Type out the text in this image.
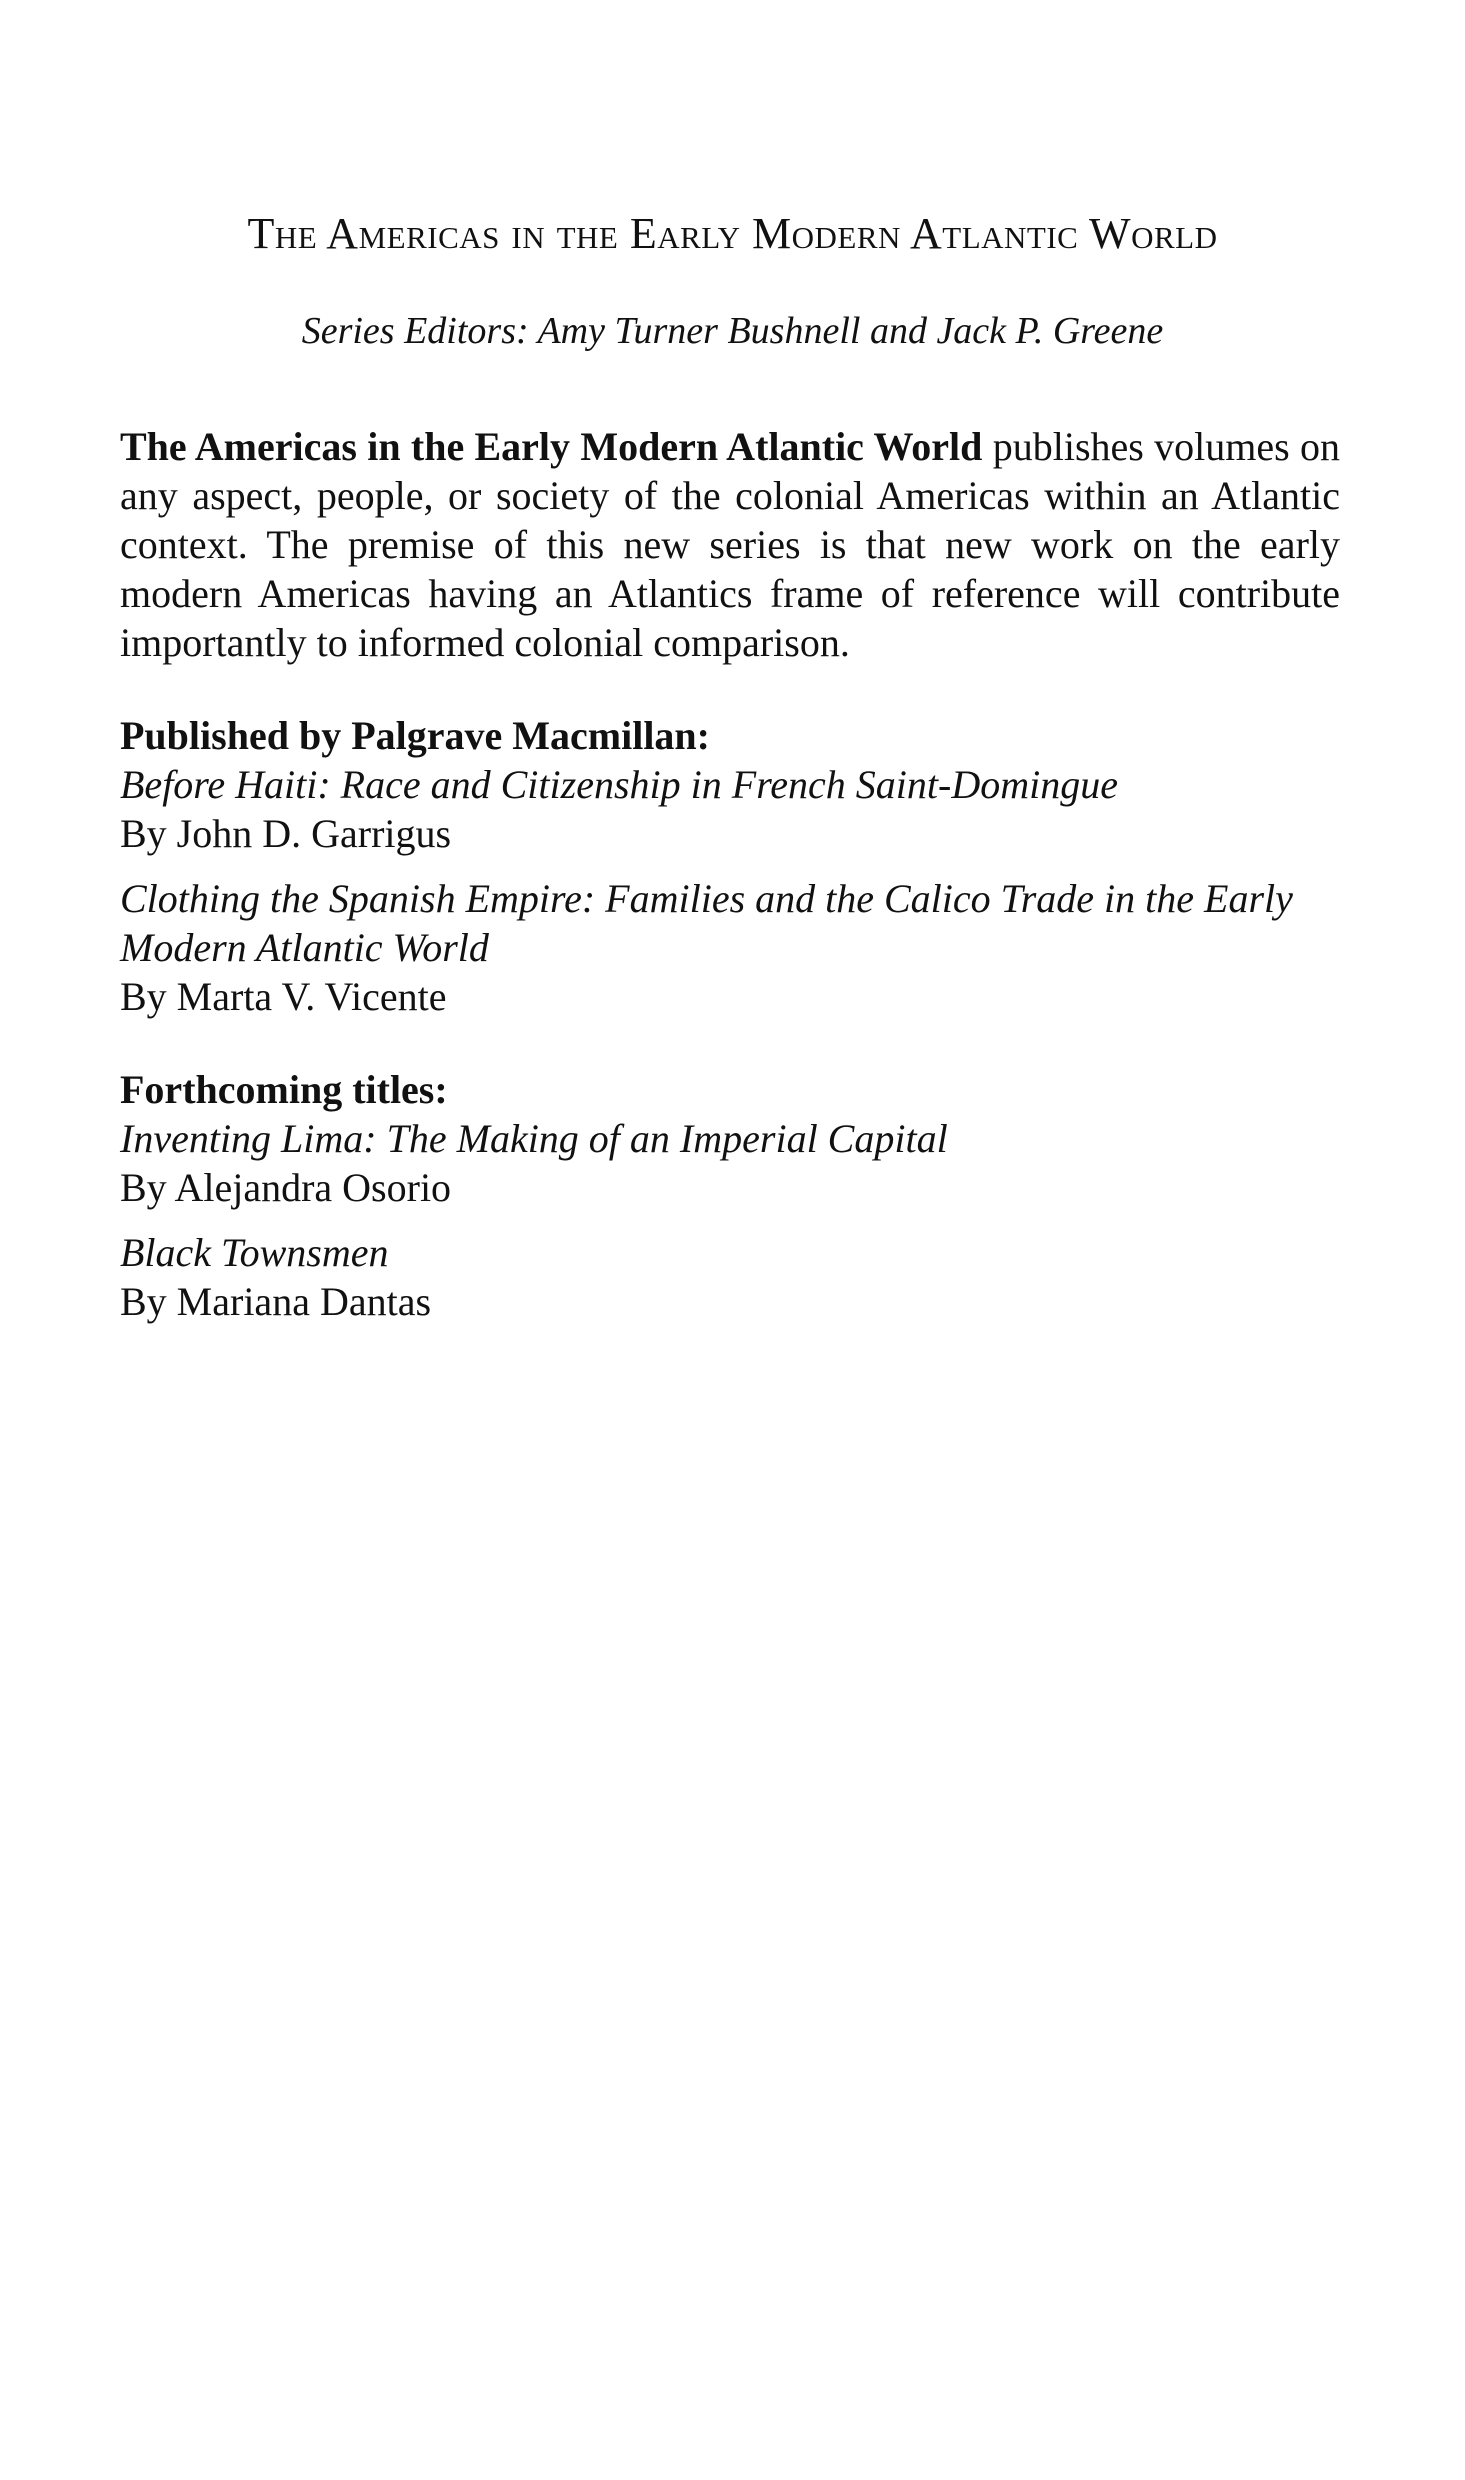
The Americas in the Early Modern Atlantic World
Series Editors: Amy Turner Bushnell and Jack P. Greene

The Americas in the Early Modern Atlantic World publishes volumes on any aspect, people, or society of the colonial Americas within an Atlantic context. The premise of this new series is that new work on the early modern Americas having an Atlantics frame of reference will contribute importantly to informed colonial comparison.

Published by Palgrave Macmillan:
Before Haiti: Race and Citizenship in French Saint-Domingue
By John D. Garrigus
Clothing the Spanish Empire: Families and the Calico Trade in the Early Modern Atlantic World
By Marta V. Vicente
Forthcoming titles:
Inventing Lima: The Making of an Imperial Capital
By Alejandra Osorio
Black Townsmen
By Mariana Dantas
